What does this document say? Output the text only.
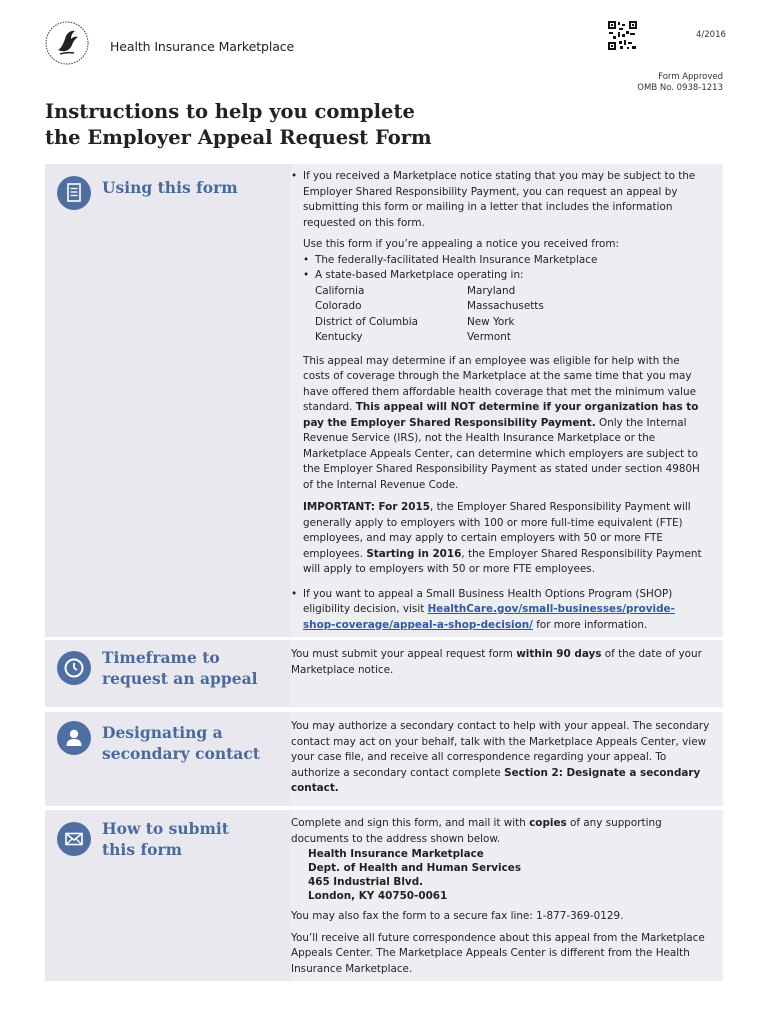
Health Insurance Marketplace
4/2016
Form Approved
OMB No. 0938-1213
Instructions to help you complete
the Employer Appeal Request Form
Using this form

• If you received a Marketplace notice stating that you may be subject to the Employer Shared Responsibility Payment, you can request an appeal by submitting this form or mailing in a letter that includes the information requested on this form.

Use this form if you’re appealing a notice you received from:

• The federally-facilitated Health Insurance Marketplace

• A state-based Marketplace operating in:

California
Colorado
District of Columbia
Kentucky
Maryland
Massachusetts
New York
Vermont

This appeal may determine if an employee was eligible for help with the costs of coverage through the Marketplace at the same time that you may have offered them affordable health coverage that met the minimum value standard. This appeal will NOT determine if your organization has to pay the Employer Shared Responsibility Payment. Only the Internal Revenue Service (IRS), not the Health Insurance Marketplace or the Marketplace Appeals Center, can determine which employers are subject to the Employer Shared Responsibility Payment as stated under section 4980H of the Internal Revenue Code.

IMPORTANT: For 2015, the Employer Shared Responsibility Payment will generally apply to employers with 100 or more full-time equivalent (FTE) employees, and may apply to certain employers with 50 or more FTE employees. Starting in 2016, the Employer Shared Responsibility Payment will apply to employers with 50 or more FTE employees.

• If you want to appeal a Small Business Health Options Program (SHOP) eligibility decision, visit HealthCare.gov/small-businesses/provide-shop-coverage/appeal-a-shop-decision/ for more information.

Timeframe to
request an appeal

You must submit your appeal request form within 90 days of the date of your Marketplace notice.

Designating a
secondary contact

You may authorize a secondary contact to help with your appeal. The secondary contact may act on your behalf, talk with the Marketplace Appeals Center, view your case file, and receive all correspondence regarding your appeal. To authorize a secondary contact complete Section 2: Designate a secondary contact.

How to submit
this form

Complete and sign this form, and mail it with copies of any supporting documents to the address shown below.

Health Insurance Marketplace
Dept. of Health and Human Services
465 Industrial Blvd.
London, KY 40750-0061

You may also fax the form to a secure fax line: 1-877-369-0129.

You’ll receive all future correspondence about this appeal from the Marketplace Appeals Center. The Marketplace Appeals Center is different from the Health Insurance Marketplace.
